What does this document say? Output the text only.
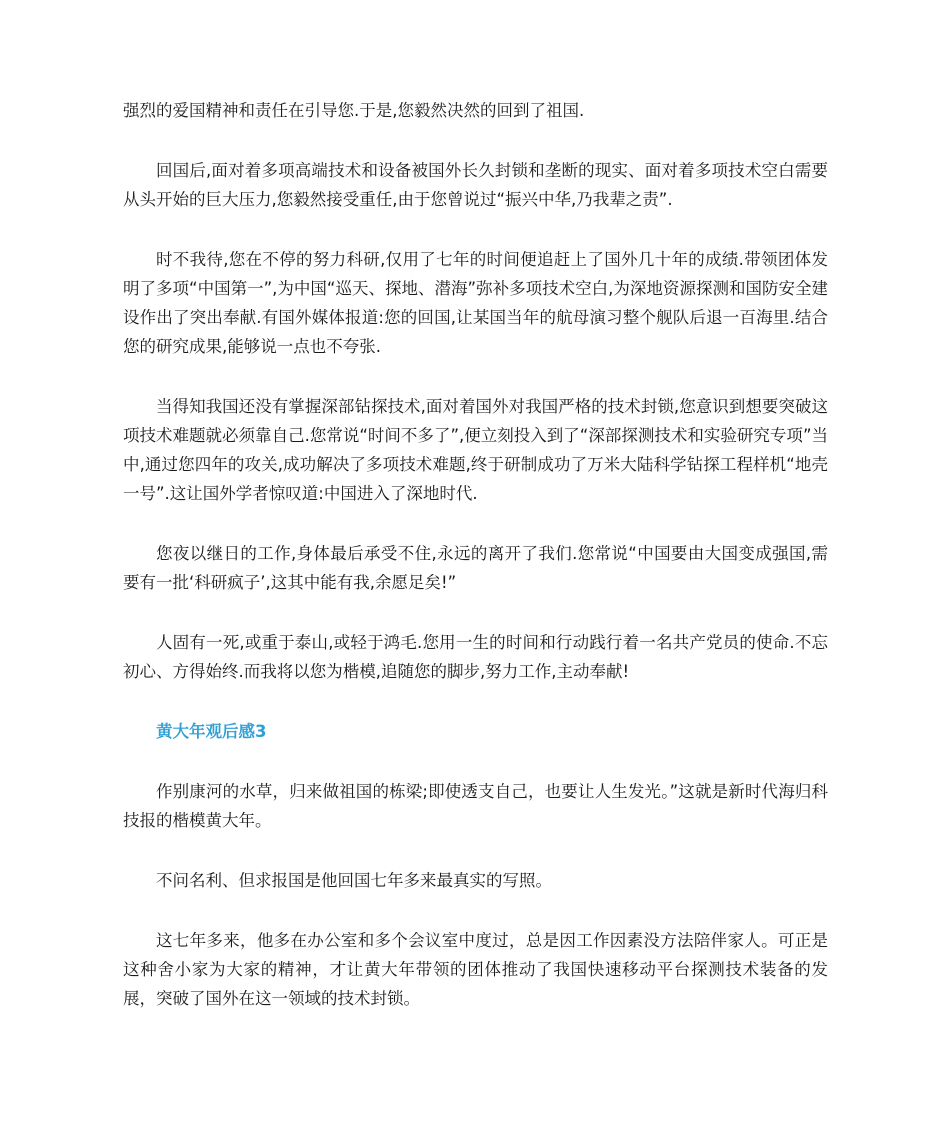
强烈的爱国精神和责任在引导您.于是,您毅然决然的回到了祖国.

回国后,面对着多项高端技术和设备被国外长久封锁和垄断的现实、面对着多项技术空白需要从头开始的巨大压力,您毅然接受重任,由于您曾说过“振兴中华,乃我辈之责”.

时不我待,您在不停的努力科研,仅用了七年的时间便追赶上了国外几十年的成绩.带领团体发明了多项“中国第一”,为中国“巡天、探地、潜海”弥补多项技术空白,为深地资源探测和国防安全建设作出了突出奉献.有国外媒体报道:您的回国,让某国当年的航母演习整个舰队后退一百海里.结合您的研究成果,能够说一点也不夸张.

当得知我国还没有掌握深部钻探技术,面对着国外对我国严格的技术封锁,您意识到想要突破这项技术难题就必须靠自己.您常说“时间不多了”,便立刻投入到了“深部探测技术和实验研究专项”当中,通过您四年的攻关,成功解决了多项技术难题,终于研制成功了万米大陆科学钻探工程样机“地壳一号”.这让国外学者惊叹道:中国进入了深地时代.

您夜以继日的工作,身体最后承受不住,永远的离开了我们.您常说“中国要由大国变成强国,需要有一批‘科研疯子’,这其中能有我,余愿足矣!”

人固有一死,或重于泰山,或轻于鸿毛.您用一生的时间和行动践行着一名共产党员的使命.不忘初心、方得始终.而我将以您为楷模,追随您的脚步,努力工作,主动奉献!

黄大年观后感3

作别康河的水草，归来做祖国的栋梁;即使透支自己，也要让人生发光。”这就是新时代海归科技报的楷模黄大年。

不问名利、但求报国是他回国七年多来最真实的写照。

这七年多来，他多在办公室和多个会议室中度过，总是因工作因素没方法陪伴家人。可正是这种舍小家为大家的精神，才让黄大年带领的团体推动了我国快速移动平台探测技术装备的发展，突破了国外在这一领域的技术封锁。
